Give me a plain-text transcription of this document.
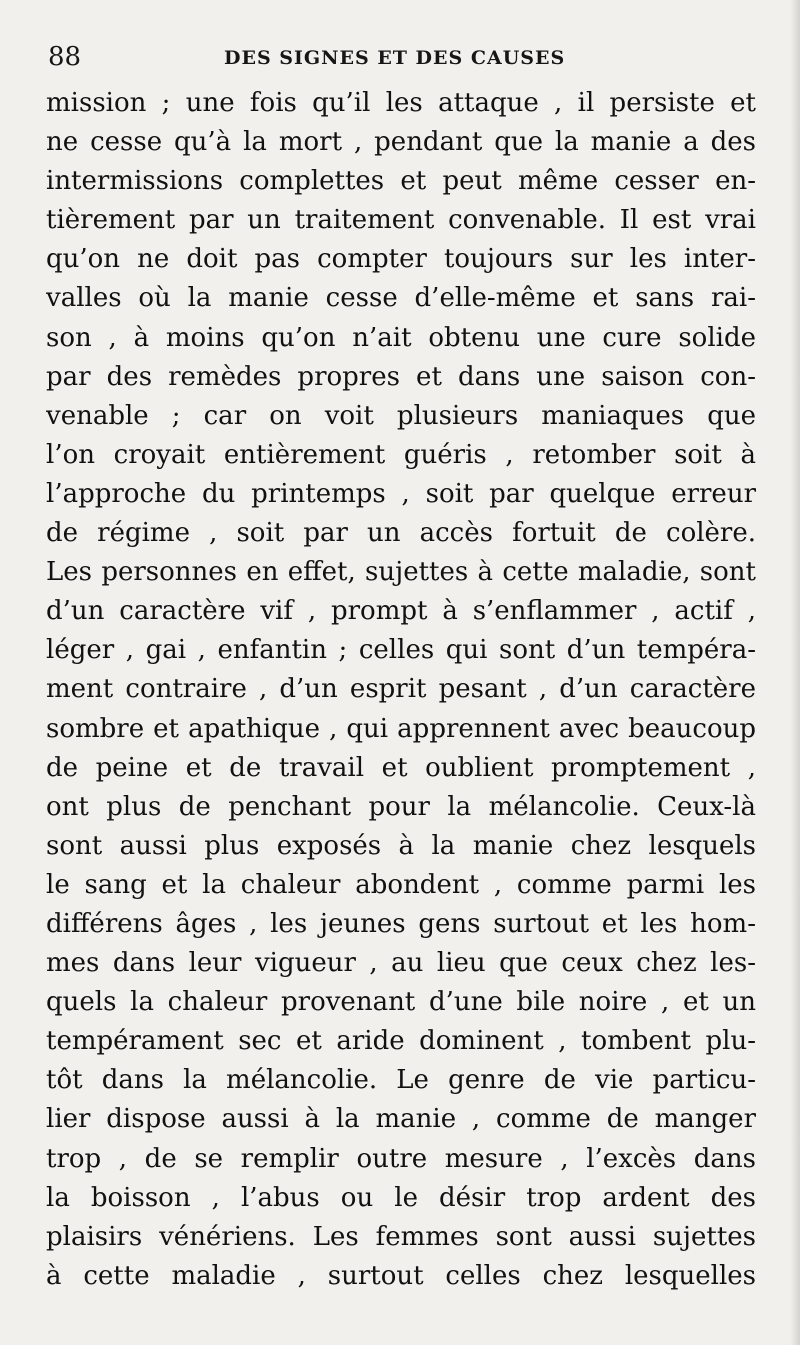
88	DES SIGNES ET DES CAUSES
mission ; une fois qu’il les attaque , il persiste et
ne cesse qu’à la mort , pendant que la manie a des
intermissions complettes et peut même cesser en-
tièrement par un traitement convenable. Il est vrai
qu’on ne doit pas compter toujours sur les inter-
valles où la manie cesse d’elle-même et sans rai-
son , à moins qu’on n’ait obtenu une cure solide
par des remèdes propres et dans une saison con-
venable ; car on voit plusieurs maniaques que
l’on croyait entièrement guéris , retomber soit à
l’approche du printemps , soit par quelque erreur
de régime , soit par un accès fortuit de colère.
Les personnes en effet, sujettes à cette maladie, sont
d’un caractère vif , prompt à s’enflammer , actif ,
léger , gai , enfantin ; celles qui sont d’un tempéra-
ment contraire , d’un esprit pesant , d’un caractère
sombre et apathique , qui apprennent avec beaucoup
de peine et de travail et oublient promptement ,
ont plus de penchant pour la mélancolie. Ceux-là
sont aussi plus exposés à la manie chez lesquels
le sang et la chaleur abondent , comme parmi les
différens âges , les jeunes gens surtout et les hom-
mes dans leur vigueur , au lieu que ceux chez les-
quels la chaleur provenant d’une bile noire , et un
tempérament sec et aride dominent , tombent plu-
tôt dans la mélancolie. Le genre de vie particu-
lier dispose aussi à la manie , comme de manger
trop , de se remplir outre mesure , l’excès dans
la boisson , l’abus ou le désir trop ardent des
plaisirs vénériens. Les femmes sont aussi sujettes
à cette maladie , surtout celles chez lesquelles
